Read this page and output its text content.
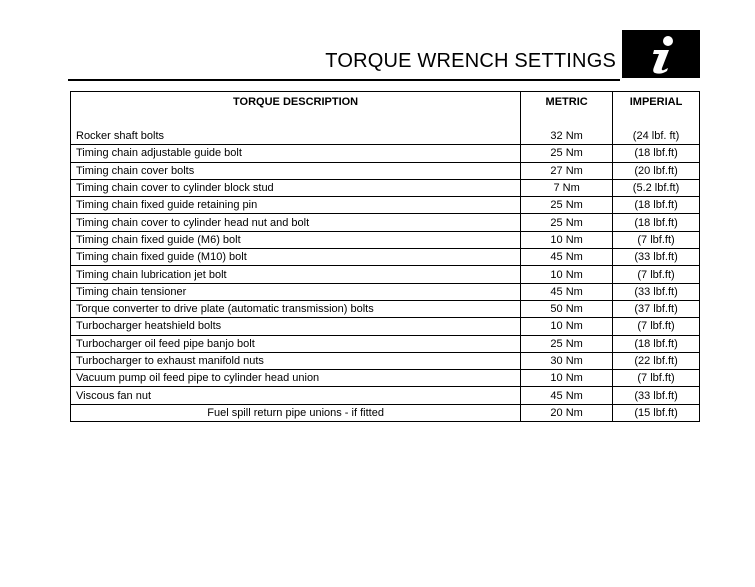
TORQUE WRENCH SETTINGS
TORQUE DESCRIPTION	METRIC	IMPERIAL

Rocker shaft bolts	32 Nm	(24 lbf. ft)
Timing chain adjustable guide bolt	25 Nm	(18 lbf.ft)
Timing chain cover bolts	27 Nm	(20 lbf.ft)
Timing chain cover to cylinder block stud	7 Nm	(5.2 lbf.ft)
Timing chain fixed guide retaining pin	25 Nm	(18 lbf.ft)
Timing chain cover to cylinder head nut and bolt	25 Nm	(18 lbf.ft)
Timing chain fixed guide (M6) bolt	10 Nm	(7 lbf.ft)
Timing chain fixed guide (M10) bolt	45 Nm	(33 lbf.ft)
Timing chain lubrication jet bolt	10 Nm	(7 lbf.ft)
Timing chain tensioner	45 Nm	(33 lbf.ft)
Torque converter to drive plate (automatic transmission) bolts	50 Nm	(37 lbf.ft)
Turbocharger heatshield bolts	10 Nm	(7 lbf.ft)
Turbocharger oil feed pipe banjo bolt	25 Nm	(18 lbf.ft)
Turbocharger to exhaust manifold nuts	30 Nm	(22 lbf.ft)
Vacuum pump oil feed pipe to cylinder head union	10 Nm	(7 lbf.ft)
Viscous fan nut	45 Nm	(33 lbf.ft)
Fuel spill return pipe unions - if fitted	20 Nm	(15 lbf.ft)
